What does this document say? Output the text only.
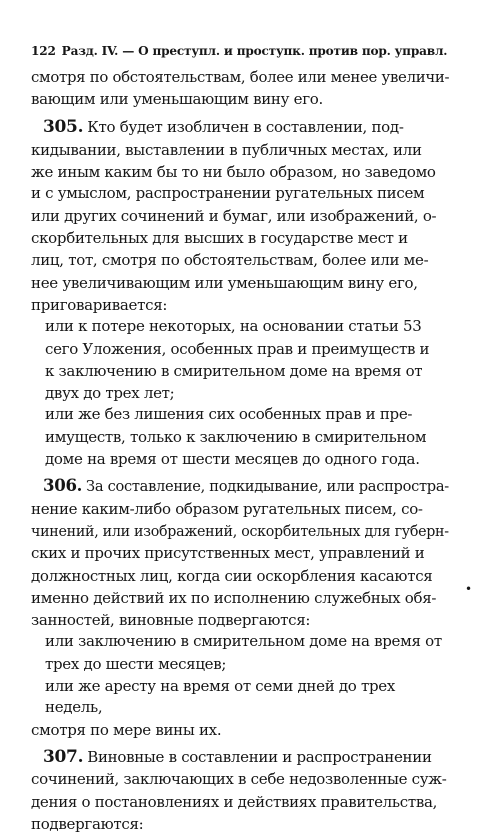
122 Разд. IV. — О преступл. и проступк. против пор. управл.
смотря по обстоятельствам, более или менее увеличи-
вающим или уменьшающим вину его.
305. Кто будет изобличен в составлении, под-
кидывании, выставлении в публичных местах, или
же иным каким бы то ни было образом, но заведомо
и с умыслом, распространении ругательных писем
или других сочинений и бумаг, или изображений, о-
скорбительных для высших в государстве мест и
лиц, тот, смотря по обстоятельствам, более или ме-
нее увеличивающим или уменьшающим вину его,
приговаривается:
или к потере некоторых, на основании статьи 53
сего Уложения, особенных прав и преимуществ и
к заключению в смирительном доме на время от
двух до трех лет;
или же без лишения сих особенных прав и пре-
имуществ, только к заключению в смирительном
доме на время от шести месяцев до одного года.
306. За составление, подкидывание, или распростра-
нение каким-либо образом ругательных писем, со-
чинений, или изображений, оскорбительных для губерн-
ских и прочих присутственных мест, управлений и
должностных лиц, когда сии оскорбления касаются
именно действий их по исполнению служебных обя-
занностей, виновные подвергаются:
или заключению в смирительном доме на время от
трех до шести месяцев;
или же аресту на время от семи дней до трех
недель,
смотря по мере вины их.
307. Виновные в составлении и распространении
сочинений, заключающих в себе недозволенные суж-
дения о постановлениях и действиях правительства,
подвергаются:
•
